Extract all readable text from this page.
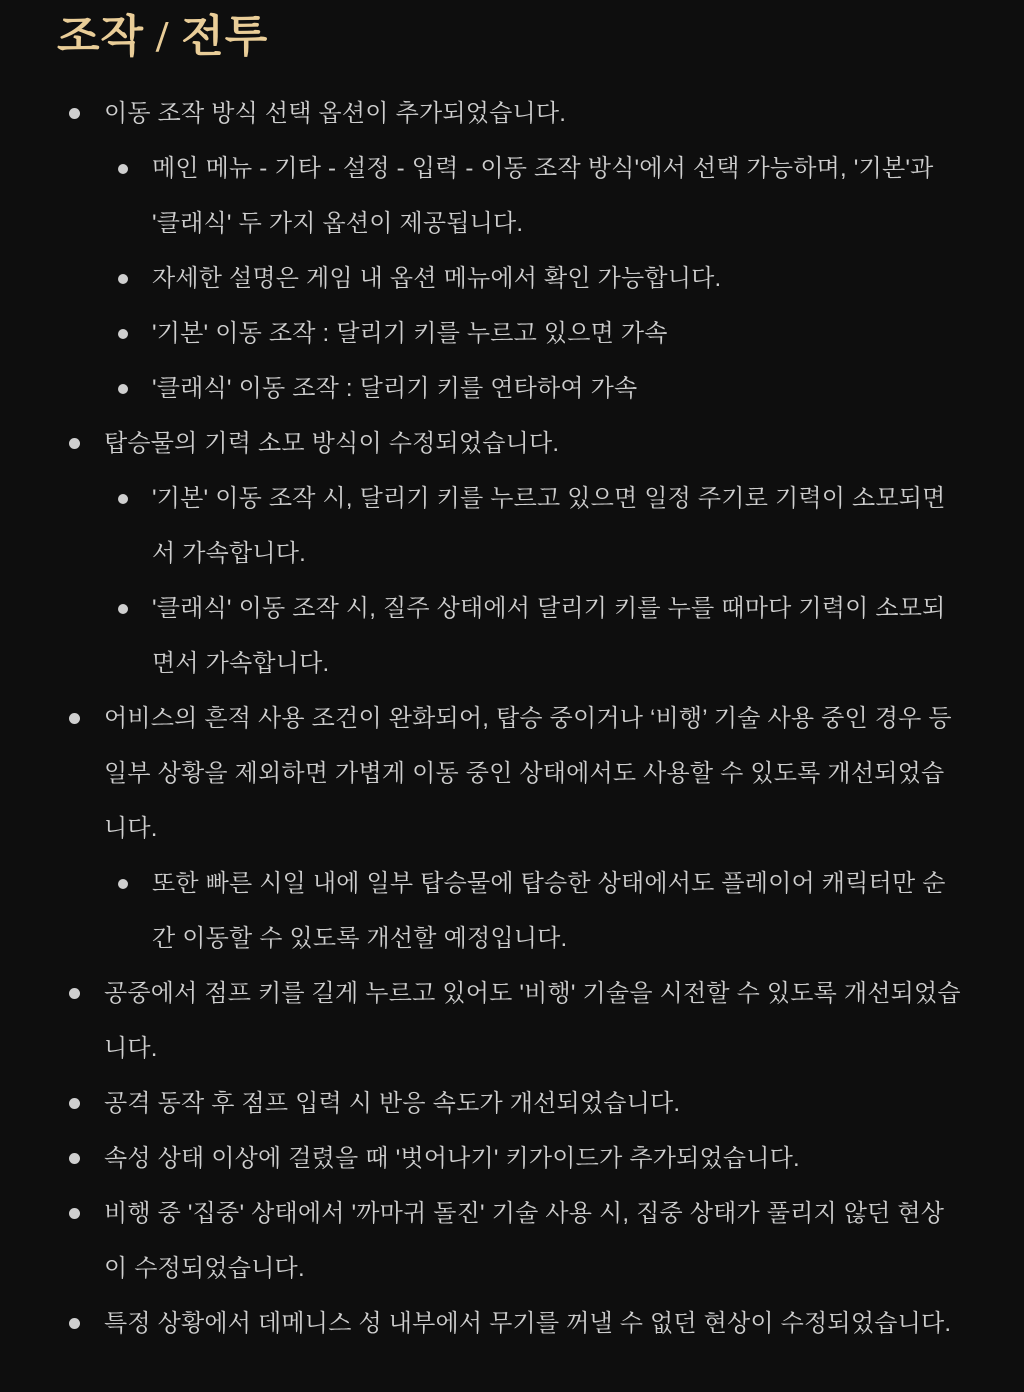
조작 / 전투
이동 조작 방식 선택 옵션이 추가되었습니다.
메인 메뉴 - 기타 - 설정 - 입력 - 이동 조작 방식'에서 선택 가능하며, '기본'과 '클래식' 두 가지 옵션이 제공됩니다.
자세한 설명은 게임 내 옵션 메뉴에서 확인 가능합니다.
'기본' 이동 조작 : 달리기 키를 누르고 있으면 가속
'클래식' 이동 조작 : 달리기 키를 연타하여 가속
탑승물의 기력 소모 방식이 수정되었습니다.
'기본' 이동 조작 시, 달리기 키를 누르고 있으면 일정 주기로 기력이 소모되면서 가속합니다.
'클래식' 이동 조작 시, 질주 상태에서 달리기 키를 누를 때마다 기력이 소모되면서 가속합니다.
어비스의 흔적 사용 조건이 완화되어, 탑승 중이거나 ‘비행’ 기술 사용 중인 경우 등 일부 상황을 제외하면 가볍게 이동 중인 상태에서도 사용할 수 있도록 개선되었습니다.
또한 빠른 시일 내에 일부 탑승물에 탑승한 상태에서도 플레이어 캐릭터만 순간 이동할 수 있도록 개선할 예정입니다.
공중에서 점프 키를 길게 누르고 있어도 '비행' 기술을 시전할 수 있도록 개선되었습니다.
공격 동작 후 점프 입력 시 반응 속도가 개선되었습니다.
속성 상태 이상에 걸렸을 때 '벗어나기' 키가이드가 추가되었습니다.
비행 중 '집중' 상태에서 '까마귀 돌진' 기술 사용 시, 집중 상태가 풀리지 않던 현상이 수정되었습니다.
특정 상황에서 데메니스 성 내부에서 무기를 꺼낼 수 없던 현상이 수정되었습니다.
